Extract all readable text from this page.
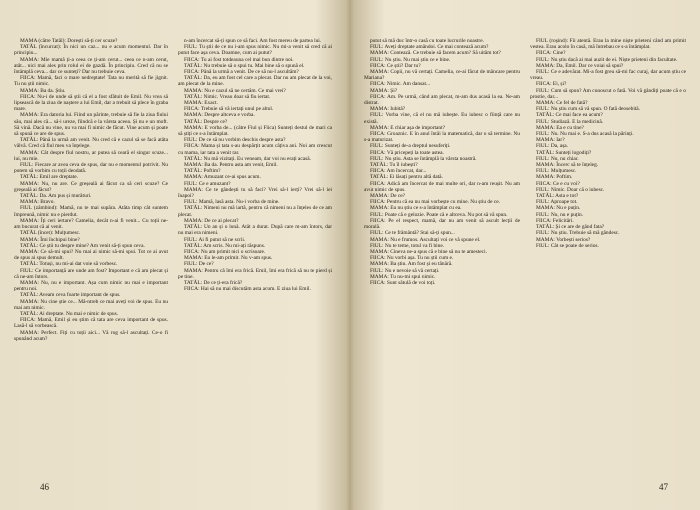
MAMA (către Tatăl): Dorești să-ți cer scuze?

TATĂL (încurcat): În nici un caz... nu e acum momentul. Dar în principiu...

MAMA: Mie mamă ți-a ceea ce ți-am cerut... ceea ce n-am cerut, atât... nici mai ales prin rolul ei de gazdă. În principiu. Cred că nu se întâmplă ceva... dar ce sunteți? Dar nu trebuie ceva.

FIICA: Mamă, faci o mare nedreptate! Tata nu merită să fie jignit. Tu nu știi nimic.

MAMA: Ba da. Știu.

FIICA: Nu-i de unde să știi că el a fost sfătuit de Emil. Nu vrea să lipsească de la ziua de naștere a lui Emil, dar a trebuit să plece în graba mare.

MAMA: Era datoria lui. Fiind un părinte, trebuie să fie la ziua fiului său, mai ales că... să-i ureze, fiindcă e la vârsta aceea. Și nu e un moft. Să vină. Dacă nu vine, nu va mai fi nimic de făcut. Vine acum și poate să spună ce are de spus.

TATĂL: Până la urmă am venit. Nu cred că e cazul să se facă atâta vâlvă. Cred că fiul meu va înțelege.

MAMA: Cât despre fiul nostru, ar putea să ceară el singur scuze... lui, nu mie.

FIUL: Fiecare ar avea ceva de spus, dar nu e momentul potrivit. Nu putem să vorbim cu toții deodată.

TATĂL: Emil are dreptate.

MAMA: Nu, nu are. Ce greșeală ai făcut ca să ceri scuze? Ce greșeală ai făcut?

TATĂL: Da. Am pus și murături.

MAMA: Bravo.

FIUL (zâmbind): Mamă, nu te mai supăra. Atâta timp cât suntem împreună, nimic nu e pierdut.

MAMA: Îți ceri iertare? Camelia, decât n-ai fi venit... Cu toții ne-am bucurat că ai venit.

TATĂL (încet): Mulțumesc.

MAMA: Îmi închipui bine?

TATĂL: Ce știi tu despre mine? Am venit să-ți spun ceva.

MAMA: Ce să-mi spui? Nu mai ai nimic să-mi spui. Tot ce ai avut de spus ai spus demult.

TATĂL: Totuși, nu mi-ai dat voie să vorbesc.

FIUL: Ce importanță are unde am fost? Important e că am plecat și că ne-am întors.

MAMA: Nu, nu e important. Așa cum nimic nu mai e important pentru noi.

TATĂL: Aveam ceva foarte important de spus.

MAMA: Nu cine știe ce... Mă-ntreb ce mai aveți voi de spus. Eu nu mai am nimic.

TATĂL: Ai dreptate. Nu mai e nimic de spus.

FIICA: Mamă, Emil și eu știm că tata are ceva important de spus. Lasă-l să vorbească.

MAMA: Perfect. Fiți cu toții aici... Vă rog să-l ascultați. Ce-o fi spunând acum?

n-am încercat să-ți spun ce să faci. Am fost mereu de partea lui.

FIUL: Tu știi de ce nu i-am spus nimic. Nu mi-a venit să cred că ai putut face așa ceva. Doamne, cum ai putut?

FIICA: Tu ai fost totdeauna cel mai bun dintre noi.

TATĂL: Nu trebuie să o spui tu. Mai bine să o spună el.

FIICA: Până la urmă a venit. De ce să nu-l ascultăm?

TATĂL: Da, eu am fost cel care a plecat. Dar nu am plecat de la voi, am plecat de la mine.

MAMA: Nu e cazul să ne certăm. Ce mai vrei?

TATĂL: Nimic. Vreau doar să fiu iertat.

MAMA: Exact.

FIICA: Trebuie să vă iertați unul pe altul.

MAMA: Despre altceva e vorba.

TATĂL: Despre ce?

MAMA: E vorba de... (către Fiul și Fiica) Sunteți destul de mari ca să știți ce s-a întâmplat.

FIUL: De ce să nu vorbim deschis despre asta?

FIICA: Mama și tata s-au despărțit acum câțiva ani. Noi am crescut cu mama, iar tata a venit rar.

TATĂL: Nu mă vizitați. Eu veneam, dar voi nu erați acasă.

MAMA: Ba da. Pentru asta am venit, Emil.

TATĂL: Poftim?

MAMA: Amuzant ce-ai spus acum.

FIUL: Ce e amuzant?

MAMA: Ce te gândești tu să faci? Vrei să-l ierți? Vrei să-l iei înapoi?

FIUL: Mamă, lasă asta. Nu-i vorba de mine.

TATĂL: Nimeni nu mă iartă, pentru că nimeni nu a înțeles de ce am plecat.

MAMA: De ce ai plecat?

TATĂL: Un an și o lună. Atât a durat. După care m-am întors, dar nu mai era nimeni.

FIUL: Ai fi putut să ne scrii.

TATĂL: Am scris. Nu mi-ați răspuns.

FIICA: Nu am primit nici o scrisoare.

MAMA: Eu le-am primit. Nu v-am spus.

FIUL: De ce?

MAMA: Pentru că îmi era frică. Emil, îmi era frică să nu te pierd și pe tine.

TATĂL: De ce ți-era frică?

FIICA: Hai să nu mai discutăm asta acum. E ziua lui Emil.

46

putut să mă duc într-o casă cu toate lucrurile noastre.

FIUL: Aveți dreptate amândoi. Ce mai contează acum?

MAMA: Contează. Ce trebuie să facem acum? Să uităm tot?

FIUL: Nu știu. Nu mai știu ce e bine.

FIICA: Ce știi? Dar tu?

MAMA: Copii, nu vă certați. Camelia, ce-ai făcut de mâncare pentru Mariana?

FIICA: Nimic. Am dansat...

MAMA: Și?

FIICA: Am. Pe urmă, când am plecat, m-am dus acasă la ea. Ne-am distrat.

MAMA: Iubită?

FIUL: Vorba vine, că el nu mă iubește. Eu iubesc o ființă care nu există.

MAMA: E chiar așa de important?

FIICA: Groaznic. E în anul întâi la matematică, dar o să termine. Nu s-a maturizat.

FIUL: Sunteți de-a dreptul nesuferiți.

FIICA: Vă pricepeți la toate astea.

FIUL: Nu știu. Asta se întâmplă la vârsta noastră.

TATĂL: Tu îl iubești?

FIICA: Am încercat, dar...

TATĂL: Ei lăsați pentru altă dată.

FIICA: Adică am încercat de mai multe ori, dar n-am reușit. Nu am avut nimic de spus.

MAMA: De ce?

FIICA: Pentru că ea nu mai vorbește cu mine. Nu știu de ce.

MAMA: Eu nu știu ce s-a întâmplat cu ea.

FIUL: Poate că e gelozie. Poate că e altceva. Nu pot să vă spun.

FIICA: Pe el respect, mamă, dar nu am venit să ascult lecții de morală.

FIUL: Ce te frământă? Stai să-ți spun...

MAMA: Nu e frumos. Ascultați voi ce vă spune el.

FIUL: Nu te teme, totul va fi bine.

MAMA: Cineva ne-a spus că e bine să nu te amesteci.

FIICA: Nu vorbi așa. Tu nu știi cum e.

MAMA: Ba știu. Am fost și eu tânără.

FIUL: Nu e nevoie să vă certați.

MAMA: Tu nu-mi spui nimic.

FIICA: Sunt sătulă de voi toți.

FIUL (roșind): Fii atentă. Erau la mine niște prieteni când am primit vestea. Erau acolo în casă, mă întrebau ce s-a întâmplat.

FIICA: Cine?

FIUL: Nu știu dacă ai mai auzit de ei. Niște prieteni din facultate.

MAMA: Da, Emil. Dar ce voiai să spui?

FIUL: Ce e adevărat. Mi-a fost greu să-mi fac curaj, dar acum știu ce vreau.

FIICA: Ei, și?

FIUL: Cum să spun? Am cunoscut o fată. Voi vă gândiți poate că e o prostie, dar...

MAMA: Ce fel de fată?

FIUL: Nu știu cum să vă spun. O fată deosebită.

TATĂL: Ce mai face ea acum?

FIUL: Studiază. E la medicină.

MAMA: Ea e cu tine?

FIUL: Nu. Nu mai e. S-a dus acasă la părinți.

MAMA: Iar?

FIUL: Da, așa.

TATĂL: Sunteți logodiți?

FIUL: Nu, nu chiar.

MAMA: Încerc să te înțeleg.

FIUL: Mulțumesc.

MAMA: Poftim.

FIICA: Ce e cu voi?

FIUL: Nimic. Doar că o iubesc.

TATĂL: Asta e tot?

FIUL: Aproape tot.

MAMA: Nu e puțin.

FIUL: Nu, nu e puțin.

FIICA: Felicitări.

TATĂL: Și ce are de gând fata?

FIUL: Nu știu. Trebuie să mă gândesc.

MAMA: Vorbești serios?

FIUL: Cât se poate de serios.

47
